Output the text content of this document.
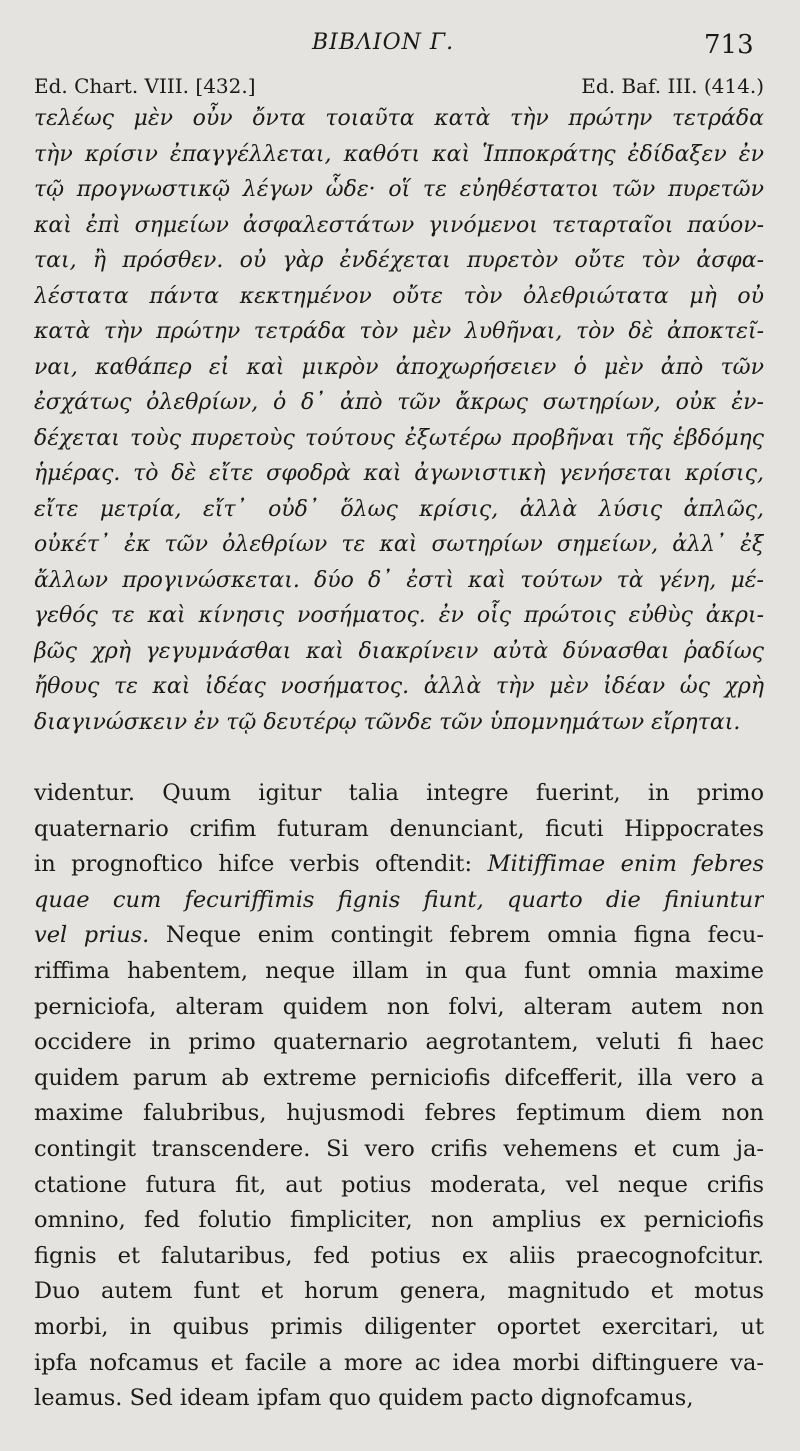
ΒΙΒΛΙΟΝ Γ.	713
Ed. Chart. VIII. [432.]	Ed. Baf. III. (414.)
τελέως μὲν οὖν ὄντα τοιαῦτα κατὰ τὴν πρώτην τετράδα
τὴν κρίσιν ἐπαγγέλλεται, καθότι καὶ Ἱπποκράτης ἐδίδαξεν ἐν
τῷ προγνωστικῷ λέγων ὧδε· οἵ τε εὐηθέστατοι τῶν πυρετῶν
καὶ ἐπὶ σημείων ἀσφαλεστάτων γινόμενοι τεταρταῖοι παύον-
ται, ἢ πρόσθεν. οὐ γὰρ ἐνδέχεται πυρετὸν οὔτε τὸν ἀσφα-
λέστατα πάντα κεκτημένον οὔτε τὸν ὀλεθριώτατα μὴ οὐ
κατὰ τὴν πρώτην τετράδα τὸν μὲν λυθῆναι, τὸν δὲ ἀποκτεῖ-
ναι, καθάπερ εἰ καὶ μικρὸν ἀποχωρήσειεν ὁ μὲν ἀπὸ τῶν
ἐσχάτως ὀλεθρίων, ὁ δ᾽ ἀπὸ τῶν ἄκρως σωτηρίων, οὐκ ἐν-
δέχεται τοὺς πυρετοὺς τούτους ἐξωτέρω προβῆναι τῆς ἑβδόμης
ἡμέρας. τὸ δὲ εἴτε σφοδρὰ καὶ ἀγωνιστικὴ γενήσεται κρίσις,
εἴτε μετρία, εἴτ᾽ οὐδ᾽ ὅλως κρίσις, ἀλλὰ λύσις ἁπλῶς,
οὐκέτ᾽ ἐκ τῶν ὀλεθρίων τε καὶ σωτηρίων σημείων, ἀλλ᾽ ἐξ
ἄλλων προγινώσκεται. δύο δ᾽ ἐστὶ καὶ τούτων τὰ γένη, μέ-
γεθός τε καὶ κίνησις νοσήματος. ἐν οἷς πρώτοις εὐθὺς ἀκρι-
βῶς χρὴ γεγυμνάσθαι καὶ διακρίνειν αὐτὰ δύνασθαι ῥαδίως
ἤθους τε καὶ ἰδέας νοσήματος. ἀλλὰ τὴν μὲν ἰδέαν ὡς χρὴ
διαγινώσκειν ἐν τῷ δευτέρῳ τῶνδε τῶν ὑπομνημάτων εἴρηται.
videntur. Quum igitur talia integre fuerint, in primo
quaternario crifim futuram denunciant, ficuti Hippocrates
in prognoftico hifce verbis oftendit: Mitiffimae enim febres
quae cum fecuriffimis fignis fiunt, quarto die finiuntur
vel prius. Neque enim contingit febrem omnia figna fecu-
riffima habentem, neque illam in qua funt omnia maxime
perniciofa, alteram quidem non folvi, alteram autem non
occidere in primo quaternario aegrotantem, veluti fi haec
quidem parum ab extreme perniciofis difcefferit, illa vero a
maxime falubribus, hujusmodi febres feptimum diem non
contingit transcendere. Si vero crifis vehemens et cum ja-
ctatione futura fit, aut potius moderata, vel neque crifis
omnino, fed folutio fimpliciter, non amplius ex perniciofis
fignis et falutaribus, fed potius ex aliis praecognofcitur.
Duo autem funt et horum genera, magnitudo et motus
morbi, in quibus primis diligenter oportet exercitari, ut
ipfa nofcamus et facile a more ac idea morbi diftinguere va-
leamus. Sed ideam ipfam quo quidem pacto dignofcamus,
